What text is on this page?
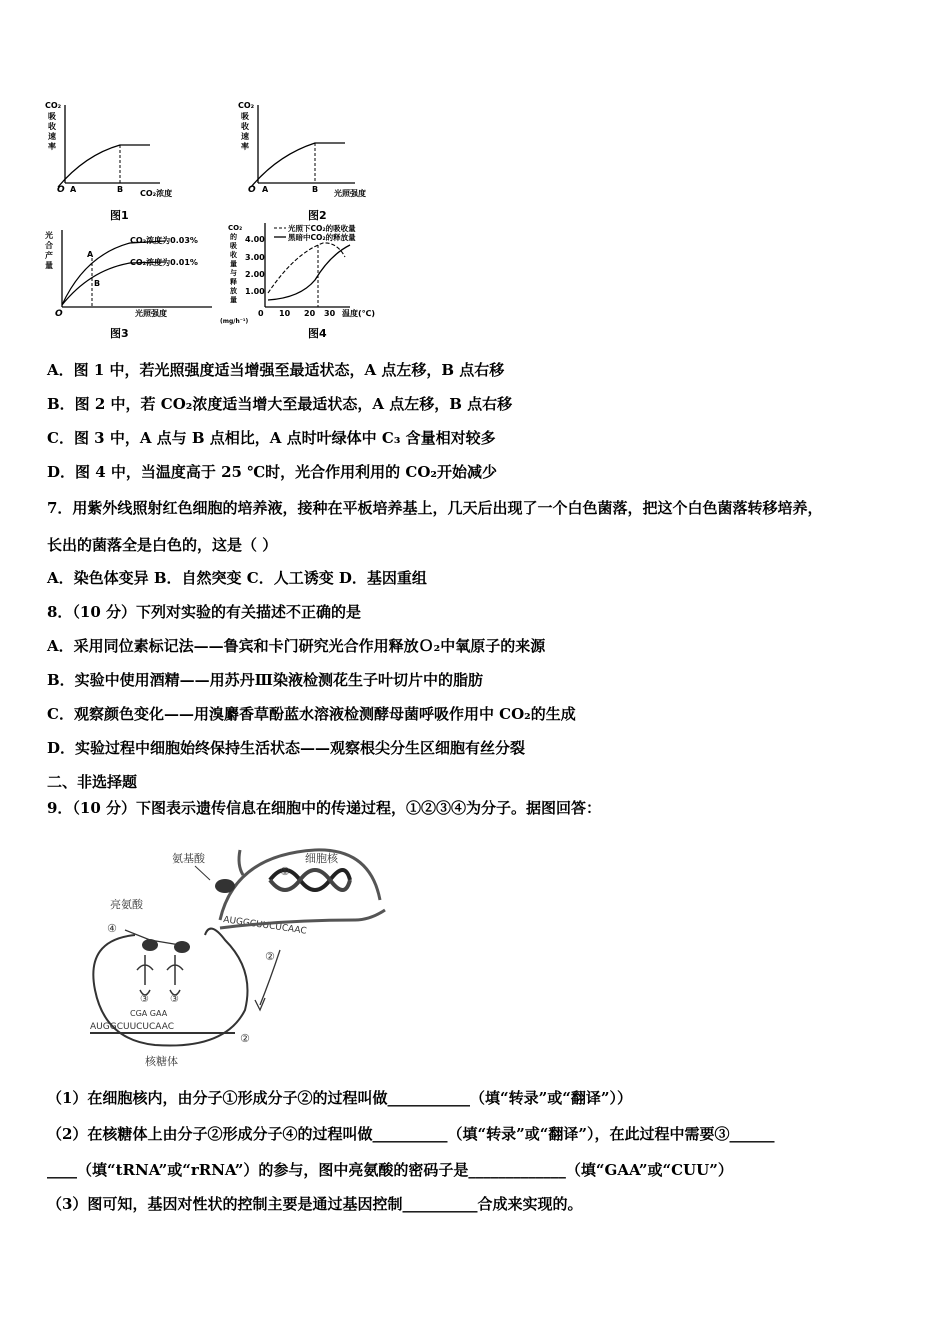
CO₂
吸
收
速
率
O A	B CO₂浓度
图1
CO₂
吸
收
速
率
O A	B 光照强度
图2
光
合
产
量
A
B
CO₂浓度为0.03%
CO₂浓度为0.01%
O	光照强度
图3
CO₂
的
吸
收
量
与
释
放
量
(mg/h⁻¹)
4.00
3.00
2.00
1.00
光照下CO₂的吸收量
黑暗中CO₂的释放量
0 10 20 30 温度(℃)
图4
A．图 1 中，若光照强度适当增强至最适状态，A 点左移，B 点右移
B．图 2 中，若 CO₂浓度适当增大至最适状态，A 点左移，B 点右移
C．图 3 中，A 点与 B 点相比，A 点时叶绿体中 C₃ 含量相对较多
D．图 4 中，当温度高于 25 ℃时，光合作用利用的 CO₂开始减少
7．用紫外线照射红色细胞的培养液，接种在平板培养基上，几天后出现了一个白色菌落，把这个白色菌落转移培养，
长出的菌落全是白色的，这是（ ）
A．染色体变异 B．自然突变 C．人工诱变 D．基因重组
8．（10 分）下列对实验的有关描述不正确的是
A．采用同位素标记法——鲁宾和卡门研究光合作用释放Ｏ₂中氧原子的来源
B．实验中使用酒精——用苏丹Ⅲ染液检测花生子叶切片中的脂肪
C．观察颜色变化——用溴麝香草酚蓝水溶液检测酵母菌呼吸作用中 CO₂的生成
D．实验过程中细胞始终保持生活状态——观察根尖分生区细胞有丝分裂
二、非选择题
9．（10 分）下图表示遗传信息在细胞中的传递过程，①②③④为分子。据图回答：
细胞核
①
氨基酸
AUGGCUUCUCAAC
②
亮氨酸
④
③ ③
CGA GAA
AUGGCUUCUCAAC
②
核糖体
（1）在细胞核内，由分子①形成分子②的过程叫做___________（填“转录”或“翻译”））
（2）在核糖体上由分子②形成分子④的过程叫做__________（填“转录”或“翻译”），在此过程中需要③______
____（填“tRNA”或“rRNA”）的参与，图中亮氨酸的密码子是_____________（填“GAA”或“CUU”）
（3）图可知，基因对性状的控制主要是通过基因控制__________合成来实现的。
